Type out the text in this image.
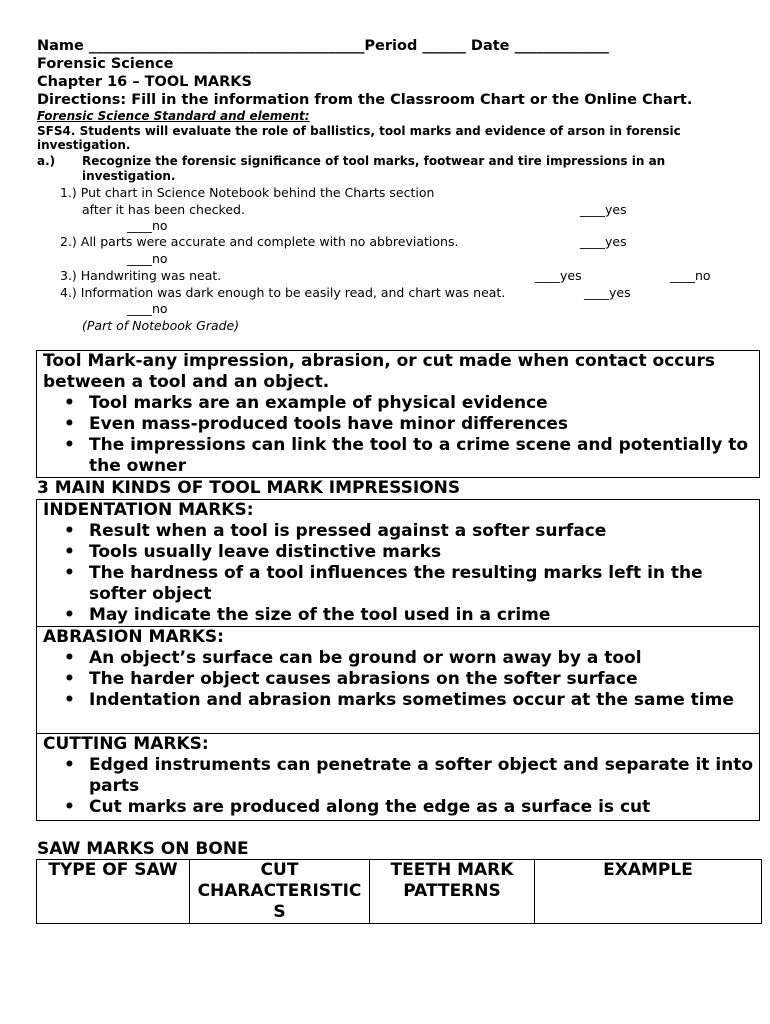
Name ______________________________________Period ______ Date _____________
Forensic Science
Chapter 16 – TOOL MARKS
Directions: Fill in the information from the Classroom Chart or the Online Chart.
Forensic Science Standard and element:
SFS4. Students will evaluate the role of ballistics, tool marks and evidence of arson in forensic investigation.
a.) Recognize the forensic significance of tool marks, footwear and tire impressions in an investigation.
1.) Put chart in Science Notebook behind the Charts section
after it has been checked.	____yes
____no
2.) All parts were accurate and complete with no abbreviations.	____yes
____no
3.) Handwriting was neat.	____yes	____no
4.) Information was dark enough to be easily read, and chart was neat.	____yes
____no
(Part of Notebook Grade)
Tool Mark-any impression, abrasion, or cut made when contact occurs between a tool and an object.
• Tool marks are an example of physical evidence
• Even mass-produced tools have minor differences
• The impressions can link the tool to a crime scene and potentially to the owner
3 MAIN KINDS OF TOOL MARK IMPRESSIONS
INDENTATION MARKS:
• Result when a tool is pressed against a softer surface
• Tools usually leave distinctive marks
• The hardness of a tool influences the resulting marks left in the softer object
• May indicate the size of the tool used in a crime
ABRASION MARKS:
• An object’s surface can be ground or worn away by a tool
• The harder object causes abrasions on the softer surface
• Indentation and abrasion marks sometimes occur at the same time
CUTTING MARKS:
• Edged instruments can penetrate a softer object and separate it into parts
• Cut marks are produced along the edge as a surface is cut
SAW MARKS ON BONE
TYPE OF SAW	CUT CHARACTERISTIC S	TEETH MARK PATTERNS	EXAMPLE
